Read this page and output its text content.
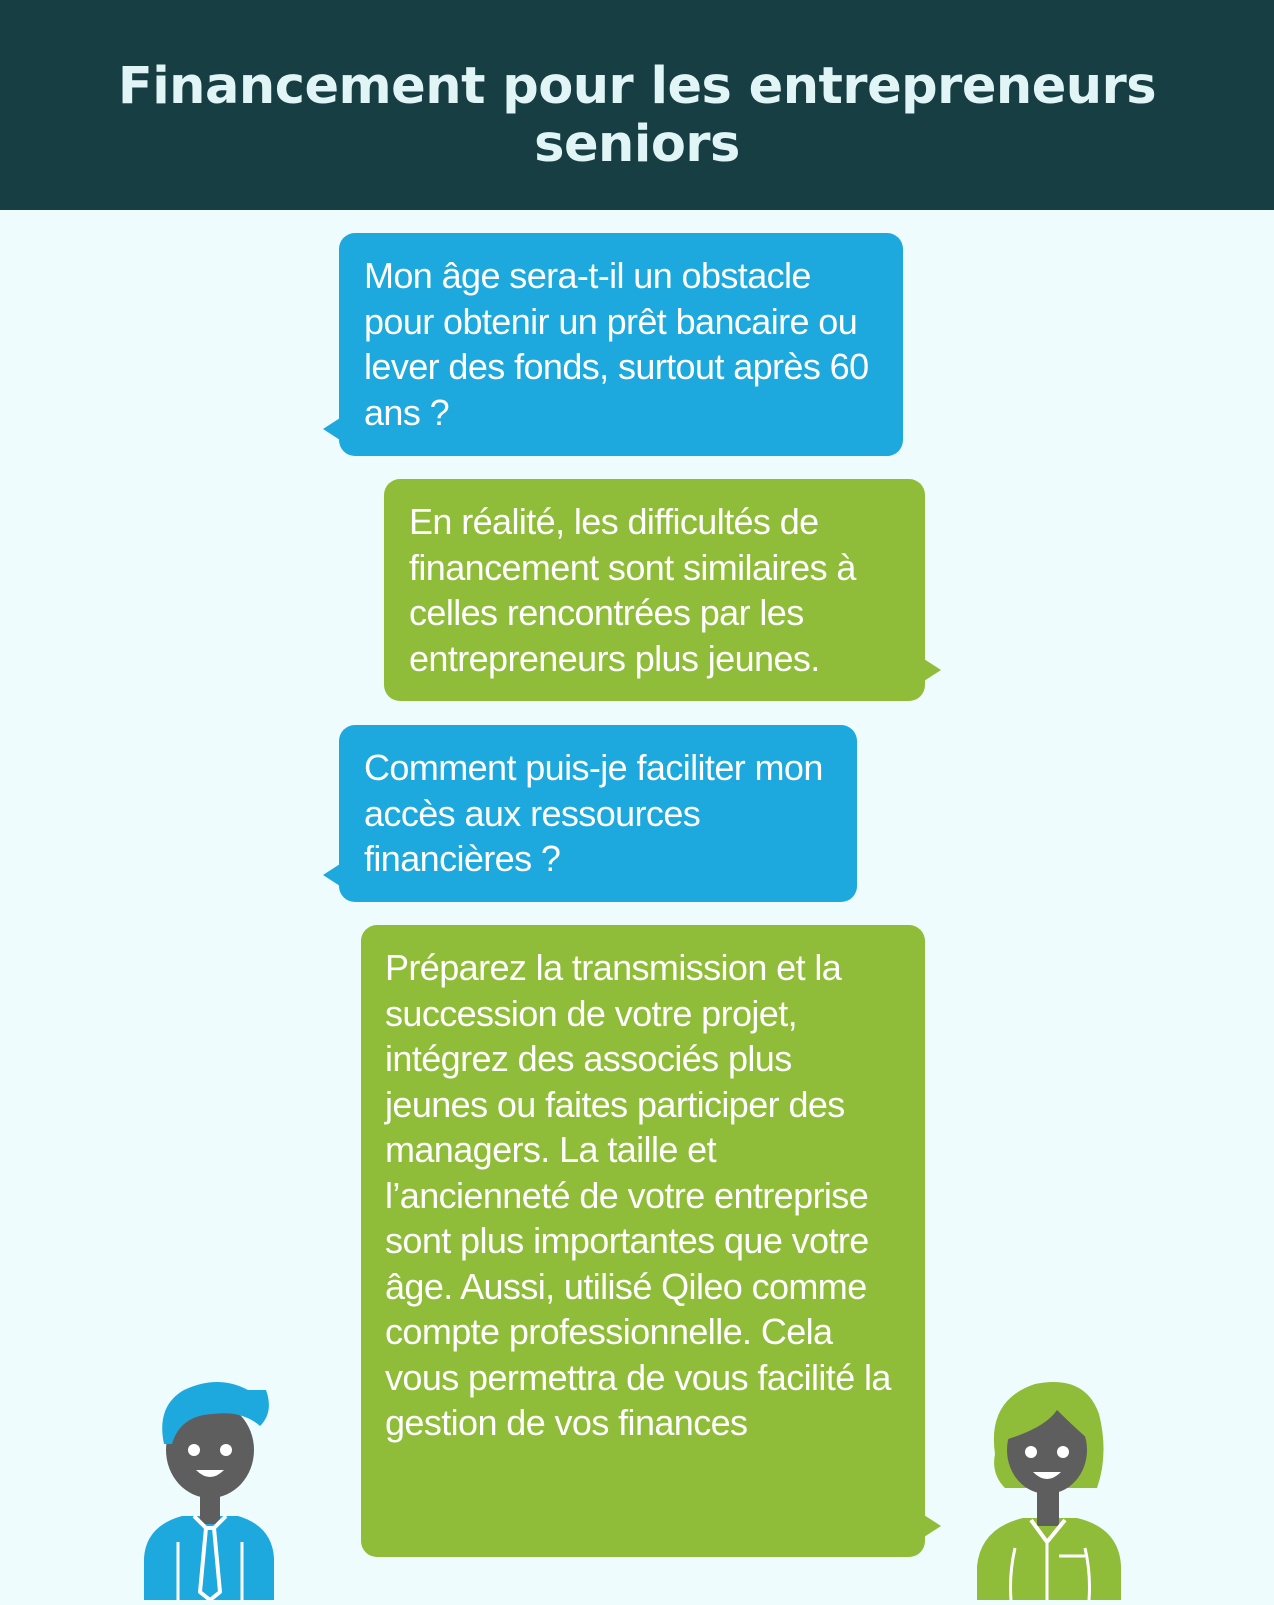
Financement pour les entrepreneurs seniors
Mon âge sera-t-il un obstacle pour obtenir un prêt bancaire ou lever des fonds, surtout après 60 ans ?
En réalité, les difficultés de financement sont similaires à celles rencontrées par les entrepreneurs plus jeunes.
Comment puis-je faciliter mon accès aux ressources financières ?
Préparez la transmission et la succession de votre projet, intégrez des associés plus jeunes ou faites participer des managers. La taille et l’ancienneté de votre entreprise sont plus importantes que votre âge. Aussi, utilisé Qileo comme compte professionnelle. Cela vous permettra de vous facilité la gestion de vos finances
